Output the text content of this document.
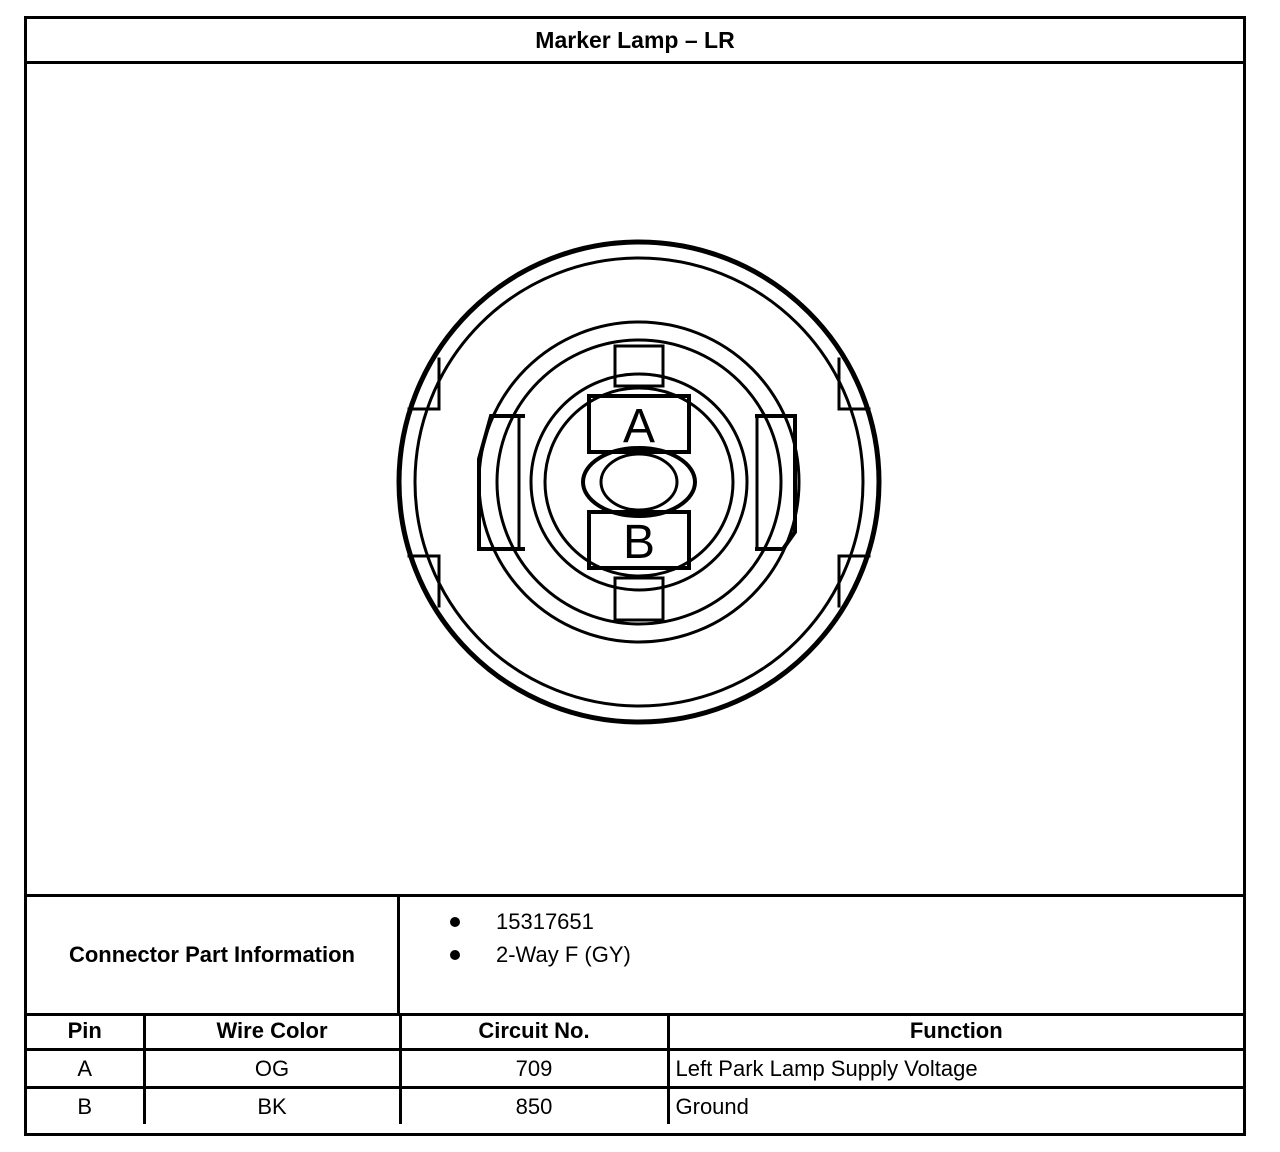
Marker Lamp – LR
A
B
Connector Part Information
15317651
2-Way F (GY)
Pin	Wire Color	Circuit No.	Function
A	OG	709	Left Park Lamp Supply Voltage
B	BK	850	Ground
